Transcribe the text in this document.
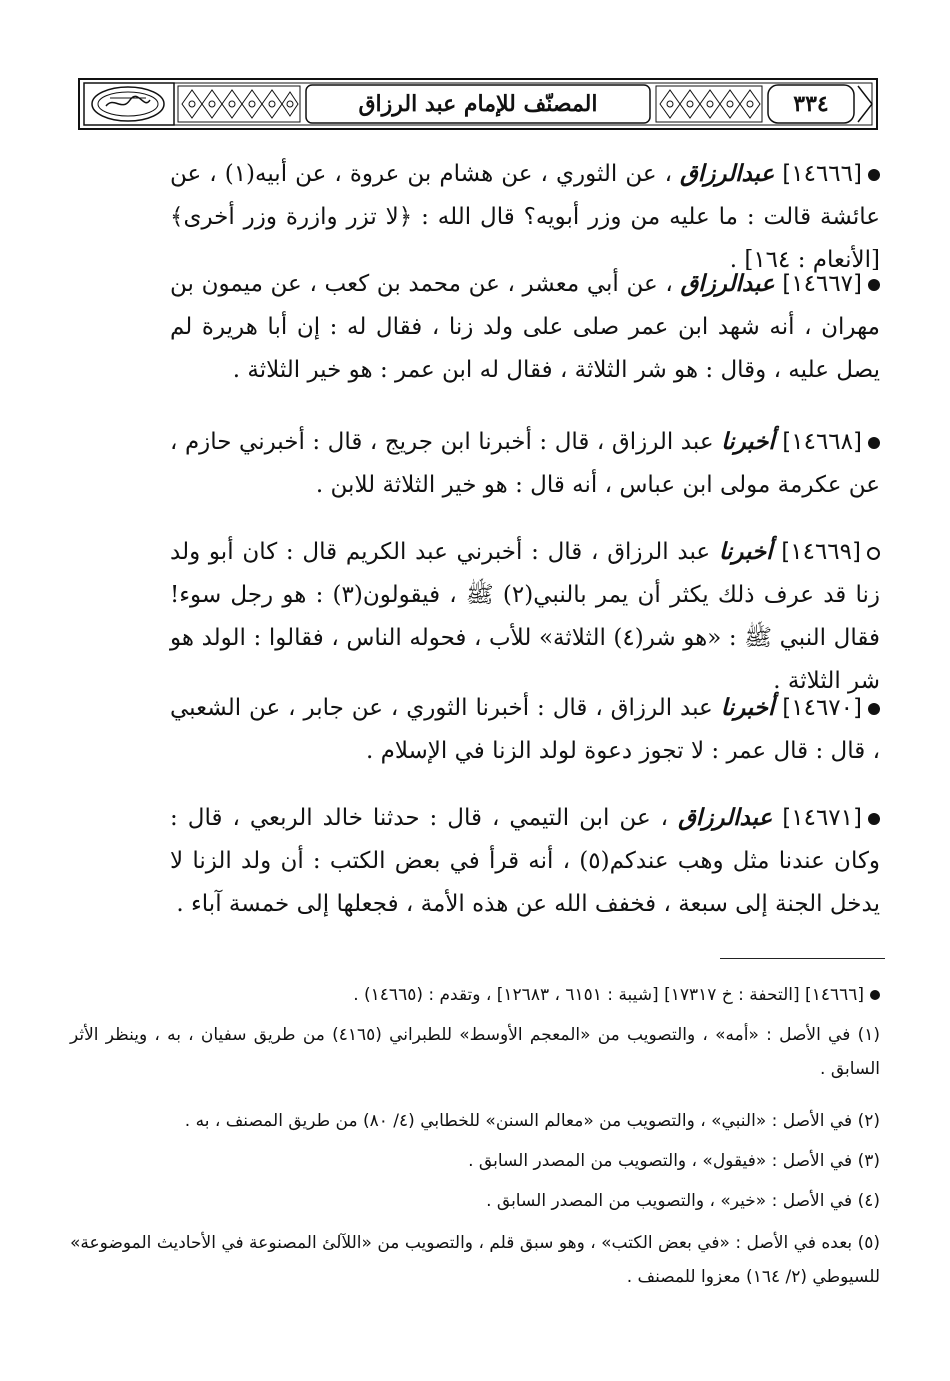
المصنّف للإمام عبد الرزاق	٣٣٤
[١٤٦٦٦] عبدالرزاق ، عن الثوري ، عن هشام بن عروة ، عن أبيه(١) ، عن عائشة قالت : ما عليه من وزر أبويه؟ قال الله : ﴿لا تزر وازرة وزر أخرى﴾ [الأنعام : ١٦٤] .
[١٤٦٦٧] عبدالرزاق ، عن أبي معشر ، عن محمد بن كعب ، عن ميمون بن مهران ، أنه شهد ابن عمر صلى على ولد زنا ، فقال له : إن أبا هريرة لم يصل عليه ، وقال : هو شر الثلاثة ، فقال له ابن عمر : هو خير الثلاثة .
[١٤٦٦٨] أخبرنا عبد الرزاق ، قال : أخبرنا ابن جريج ، قال : أخبرني حازم ، عن عكرمة مولى ابن عباس ، أنه قال : هو خير الثلاثة للابن .
[١٤٦٦٩] أخبرنا عبد الرزاق ، قال : أخبرني عبد الكريم قال : كان أبو ولد زنا قد عرف ذلك يكثر أن يمر بالنبي(٢) ﷺ ، فيقولون(٣) : هو رجل سوء! فقال النبي ﷺ : «هو شر(٤) الثلاثة» للأب ، فحوله الناس ، فقالوا : الولد هو شر الثلاثة .
[١٤٦٧٠] أخبرنا عبد الرزاق ، قال : أخبرنا الثوري ، عن جابر ، عن الشعبي ، قال : قال عمر : لا تجوز دعوة لولد الزنا في الإسلام .
[١٤٦٧١] عبدالرزاق ، عن ابن التيمي ، قال : حدثنا خالد الربعي ، قال : وكان عندنا مثل وهب عندكم(٥) ، أنه قرأ في بعض الكتب : أن ولد الزنا لا يدخل الجنة إلى سبعة ، فخفف الله عن هذه الأمة ، فجعلها إلى خمسة آباء .
[١٤٦٦٦] [التحفة : خ ١٧٣١٧] [شيبة : ٦١٥١ ، ١٢٦٨٣] ، وتقدم : (١٤٦٦٥) .
(١) في الأصل : «أمه» ، والتصويب من «المعجم الأوسط» للطبراني (٤١٦٥) من طريق سفيان ، به ، وينظر الأثر السابق .
(٢) في الأصل : «النبي» ، والتصويب من «معالم السنن» للخطابي (٤/ ٨٠) من طريق المصنف ، به .
(٣) في الأصل : «فيقول» ، والتصويب من المصدر السابق .
(٤) في الأصل : «خير» ، والتصويب من المصدر السابق .
(٥) بعده في الأصل : «في بعض الكتب» ، وهو سبق قلم ، والتصويب من «اللآلئ المصنوعة في الأحاديث الموضوعة» للسيوطي (٢/ ١٦٤) معزوا للمصنف .
